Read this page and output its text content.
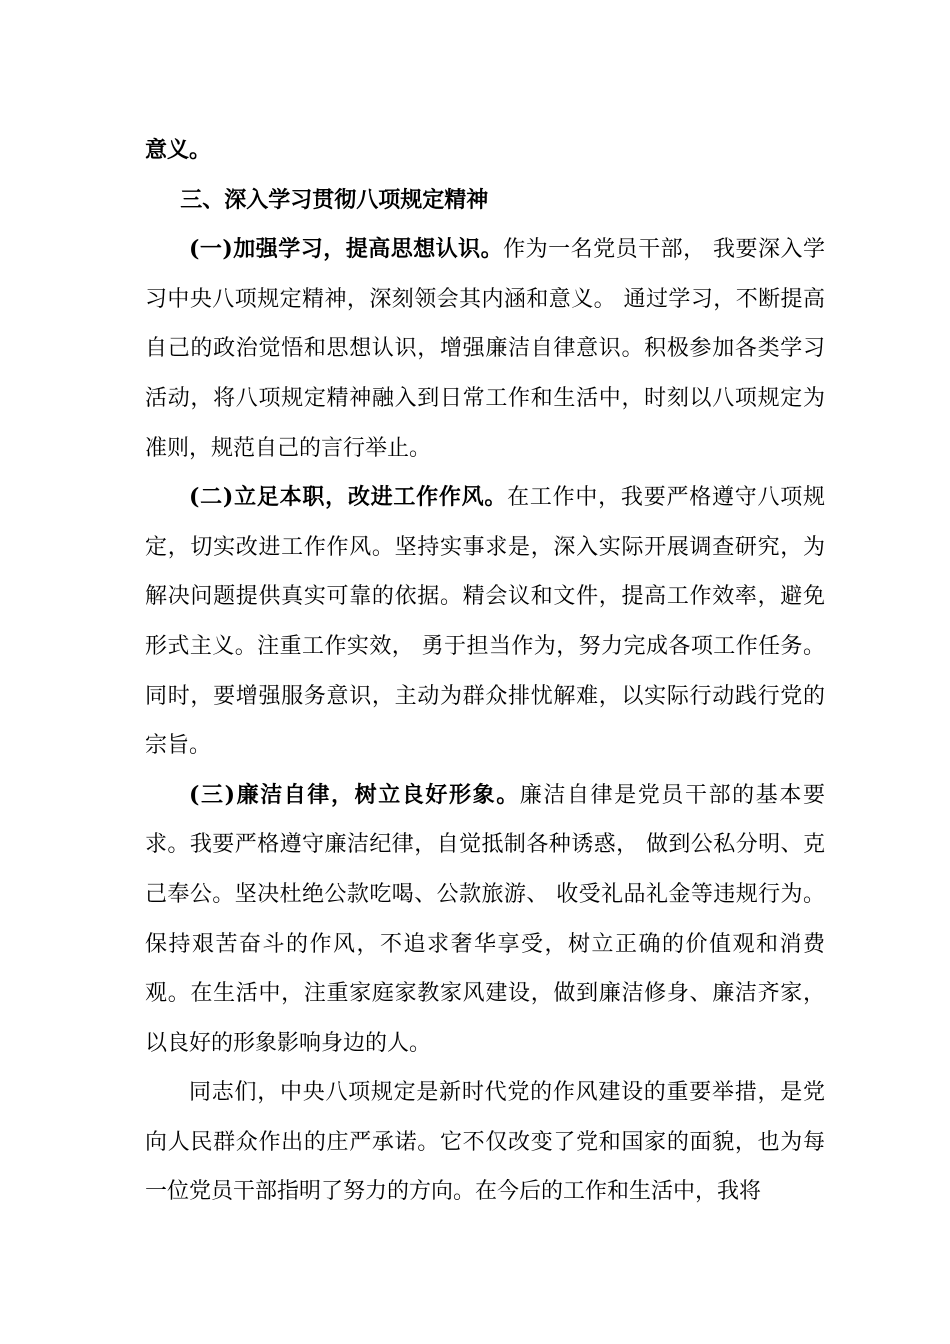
意义。

三、深入学习贯彻八项规定精神

(一)加强学习，提高思想认识。作为一名党员干部， 我要深入学习中央八项规定精神，深刻领会其内涵和意义。 通过学习，不断提高自己的政治觉悟和思想认识，增强廉洁自律意识。积极参加各类学习活动，将八项规定精神融入到日常工作和生活中，时刻以八项规定为准则，规范自己的言行举止。

(二)立足本职，改进工作作风。在工作中，我要严格遵守八项规定，切实改进工作作风。坚持实事求是，深入实际开展调查研究，为解决问题提供真实可靠的依据。精会议和文件，提高工作效率，避免形式主义。注重工作实效， 勇于担当作为，努力完成各项工作任务。同时，要增强服务意识，主动为群众排忧解难，以实际行动践行党的宗旨。

(三)廉洁自律，树立良好形象。廉洁自律是党员干部的基本要求。我要严格遵守廉洁纪律，自觉抵制各种诱惑， 做到公私分明、克己奉公。坚决杜绝公款吃喝、公款旅游、 收受礼品礼金等违规行为。保持艰苦奋斗的作风，不追求奢华享受，树立正确的价值观和消费观。在生活中，注重家庭家教家风建设，做到廉洁修身、廉洁齐家，以良好的形象影响身边的人。

同志们，中央八项规定是新时代党的作风建设的重要举措，是党向人民群众作出的庄严承诺。它不仅改变了党和国家的面貌，也为每一位党员干部指明了努力的方向。在今后的工作和生活中，我将
